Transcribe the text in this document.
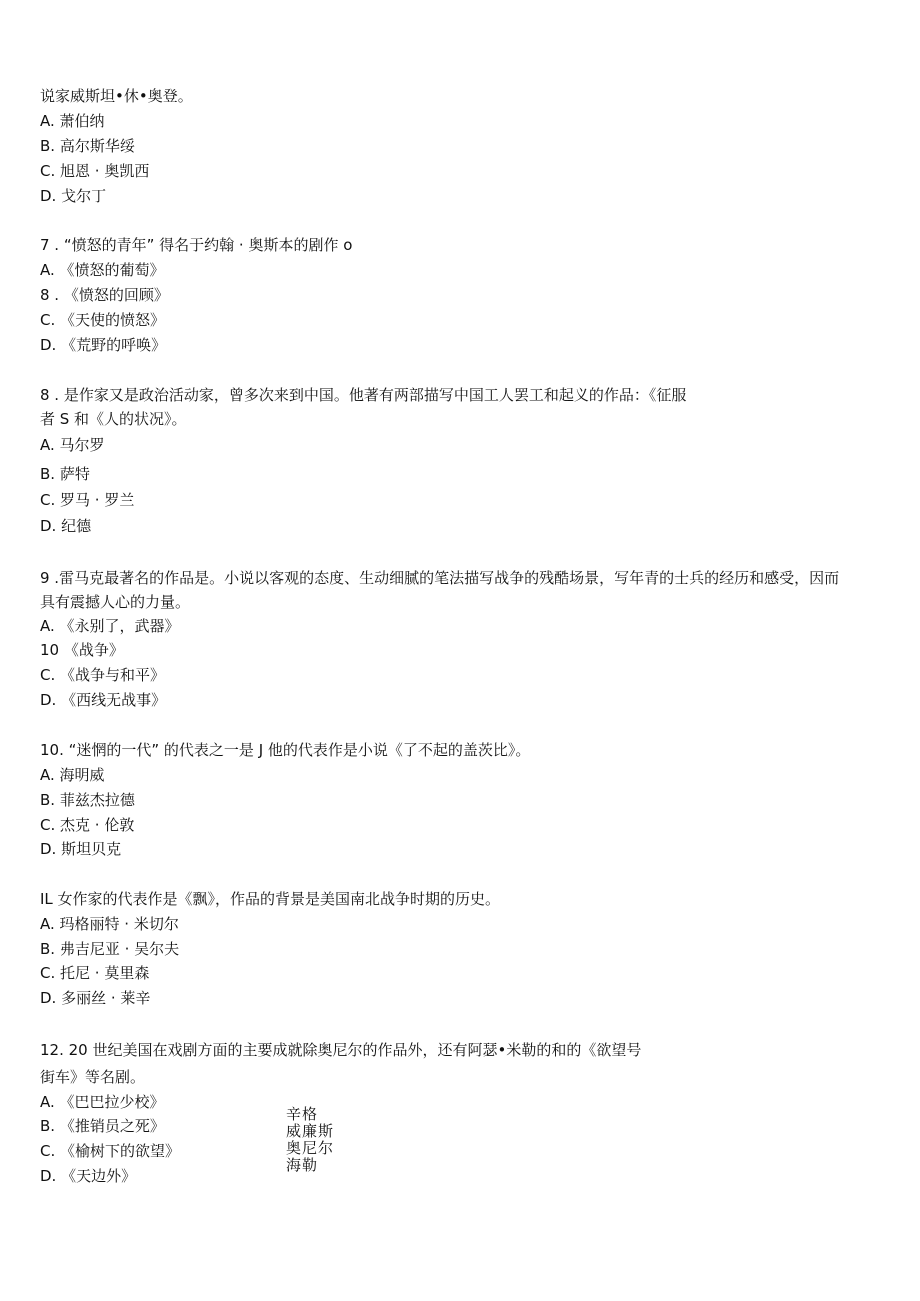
说家威斯坦•休•奥登。
A. 萧伯纳
B. 高尔斯华绥
C. 旭恩 · 奥凯西
D. 戈尔丁
7 . “愤怒的青年” 得名于约翰 · 奥斯本的剧作 o
A. 《愤怒的葡萄》
8 . 《愤怒的回顾》
C. 《天使的愤怒》
D. 《荒野的呼唤》
8 . 是作家又是政治活动家，曾多次来到中国。他著有两部描写中国工人罢工和起义的作品：《征服
者 S 和《人的状况》。
A. 马尔罗
B. 萨特
C. 罗马 · 罗兰
D. 纪德
9 .雷马克最著名的作品是。小说以客观的态度、生动细腻的笔法描写战争的残酷场景，写年青的士兵的经历和感受，因而
具有震撼人心的力量。
A. 《永别了，武器》
10 《战争》
C. 《战争与和平》
D. 《西线无战事》
10. “迷惘的一代” 的代表之一是 J 他的代表作是小说《了不起的盖茨比》。
A. 海明威
B. 菲兹杰拉德
C. 杰克 · 伦敦
D. 斯坦贝克
IL 女作家的代表作是《飘》，作品的背景是美国南北战争时期的历史。
A. 玛格丽特 · 米切尔
B. 弗吉尼亚 · 吴尔夫
C. 托尼 · 莫里森
D. 多丽丝 · 莱辛
12. 20 世纪美国在戏剧方面的主要成就除奥尼尔的作品外，还有阿瑟•米勒的和的《欲望号
街车》等名剧。
A. 《巴巴拉少校》
B. 《推销员之死》
C. 《榆树下的欲望》
D. 《天边外》
辛格
威廉斯
奥尼尔
海勒
